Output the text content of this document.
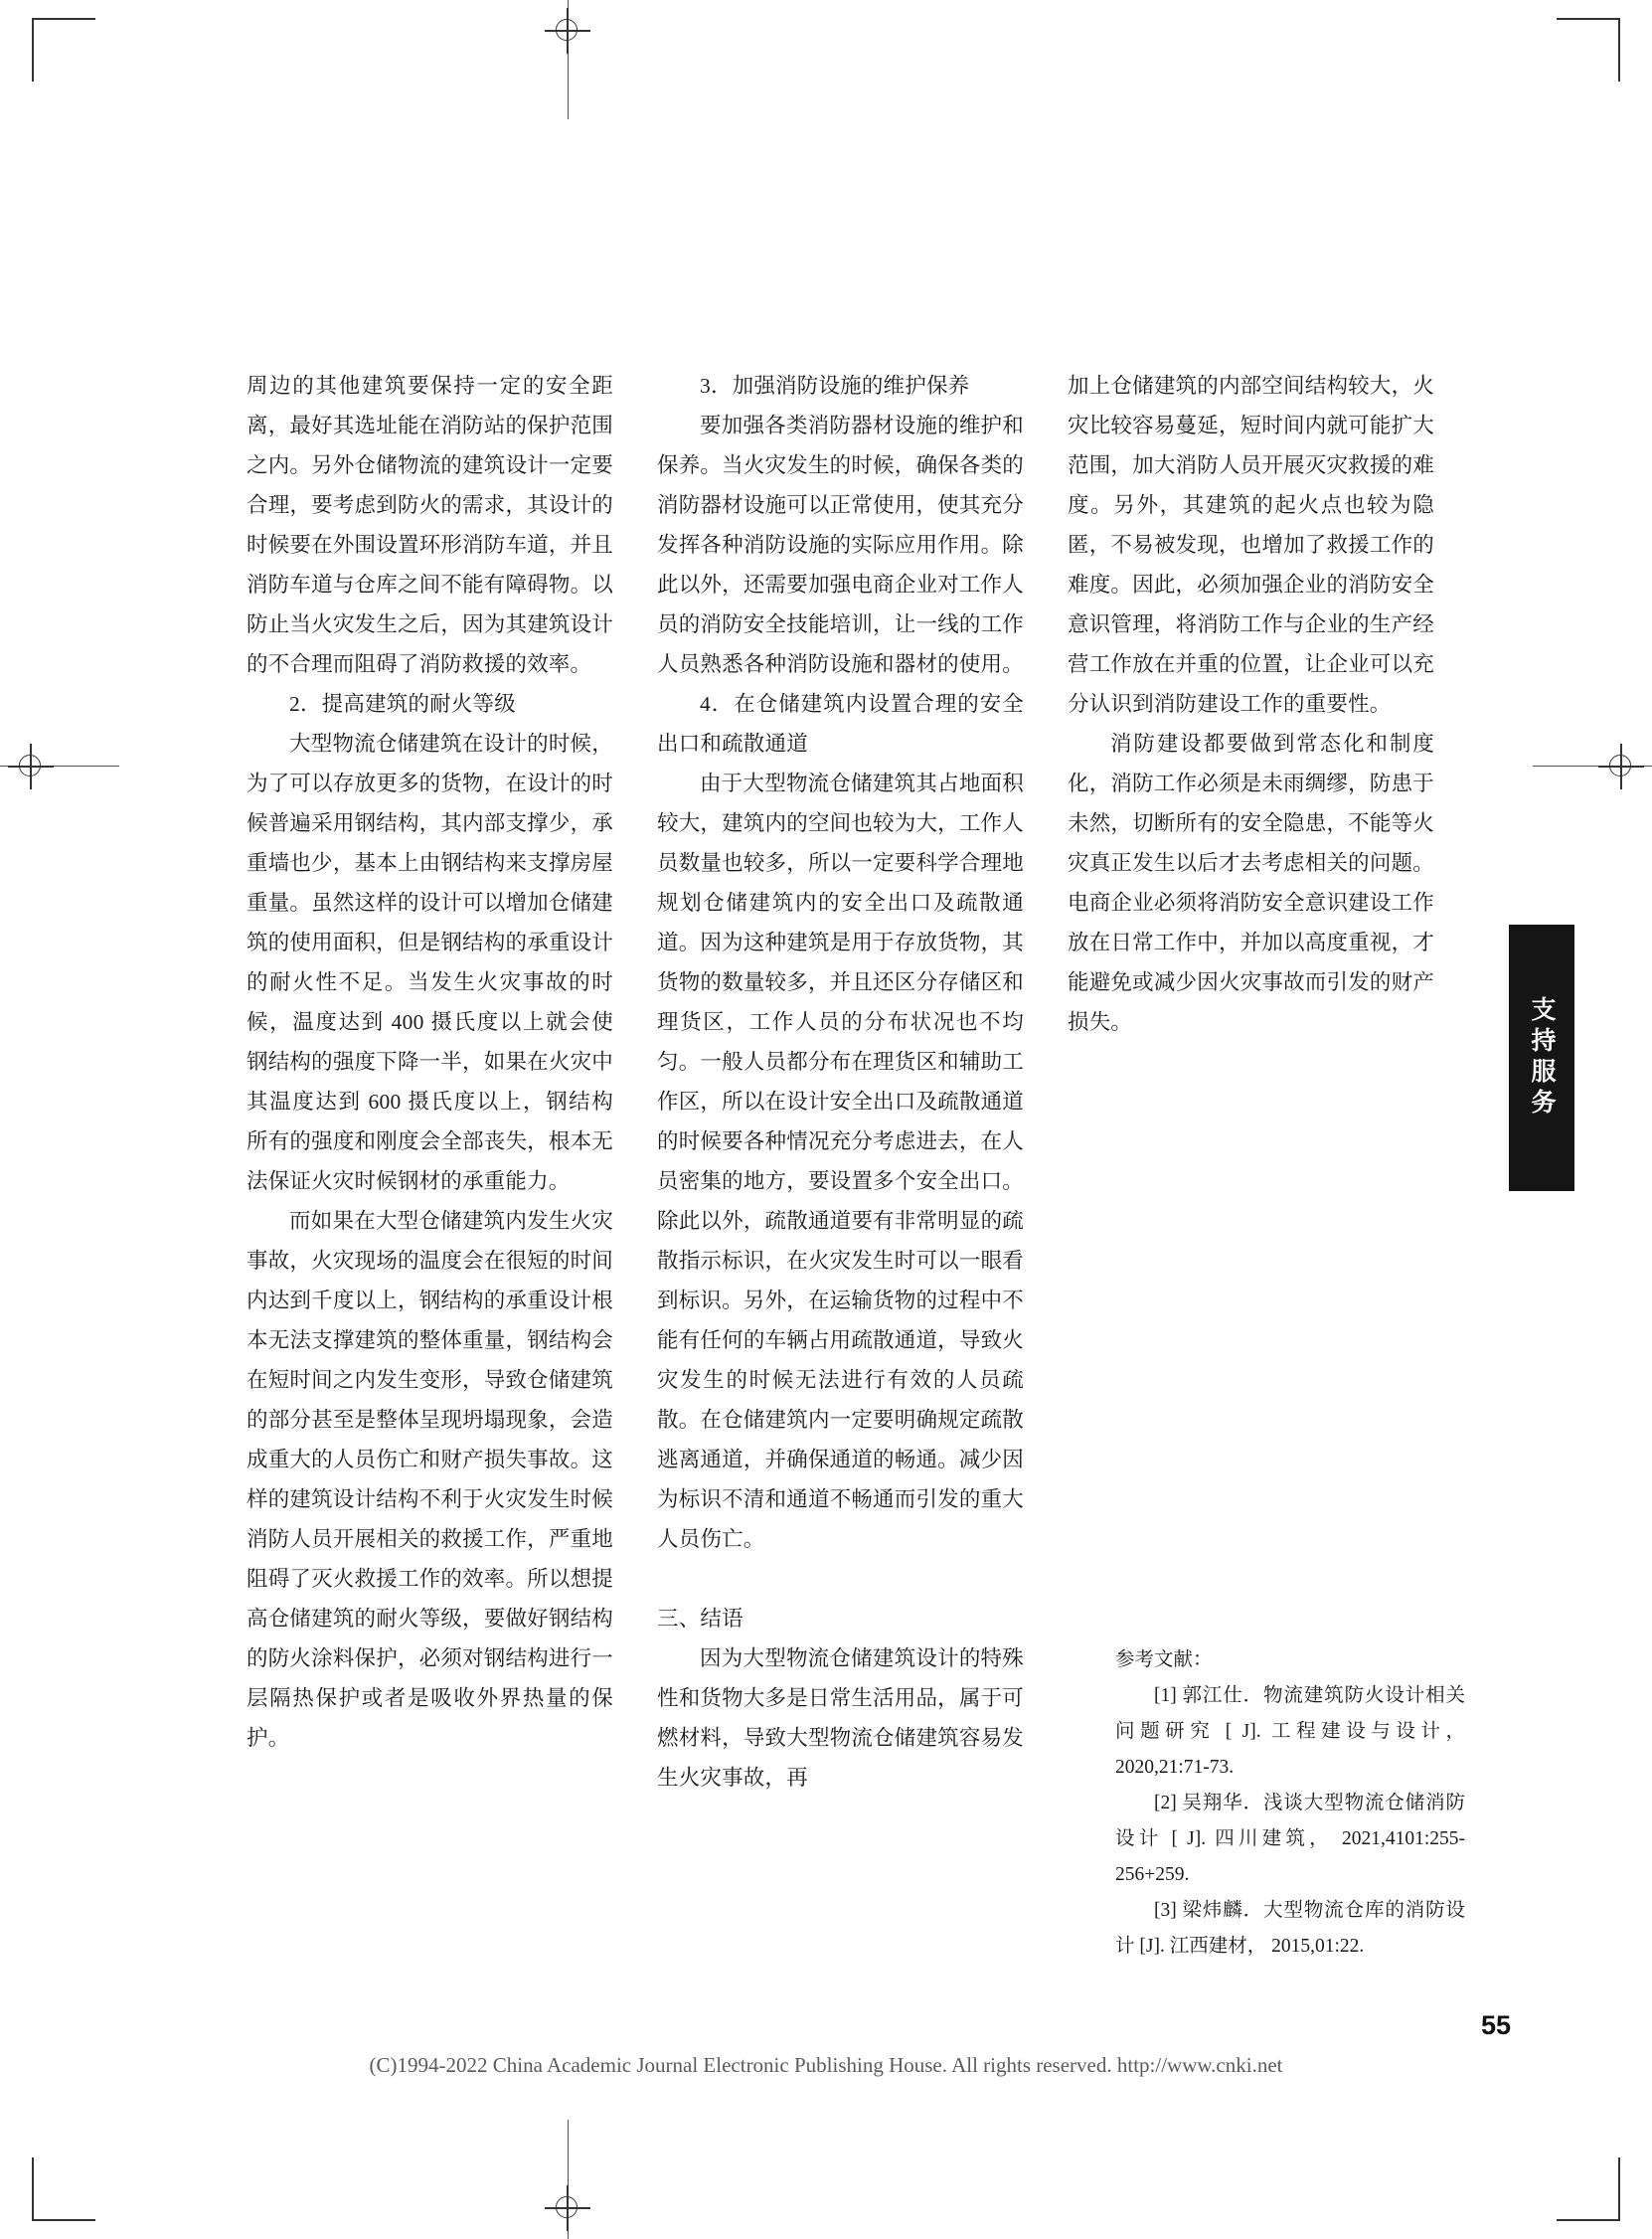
周边的其他建筑要保持一定的安全距离，最好其选址能在消防站的保护范围之内。另外仓储物流的建筑设计一定要合理，要考虑到防火的需求，其设计的时候要在外围设置环形消防车道，并且消防车道与仓库之间不能有障碍物。以防止当火灾发生之后，因为其建筑设计的不合理而阻碍了消防救援的效率。

2．提高建筑的耐火等级

大型物流仓储建筑在设计的时候，为了可以存放更多的货物，在设计的时候普遍采用钢结构，其内部支撑少，承重墙也少，基本上由钢结构来支撑房屋重量。虽然这样的设计可以增加仓储建筑的使用面积，但是钢结构的承重设计的耐火性不足。当发生火灾事故的时候，温度达到 400 摄氏度以上就会使钢结构的强度下降一半，如果在火灾中其温度达到 600 摄氏度以上，钢结构所有的强度和刚度会全部丧失，根本无法保证火灾时候钢材的承重能力。

而如果在大型仓储建筑内发生火灾事故，火灾现场的温度会在很短的时间内达到千度以上，钢结构的承重设计根本无法支撑建筑的整体重量，钢结构会在短时间之内发生变形，导致仓储建筑的部分甚至是整体呈现坍塌现象，会造成重大的人员伤亡和财产损失事故。这样的建筑设计结构不利于火灾发生时候消防人员开展相关的救援工作，严重地阻碍了灭火救援工作的效率。所以想提高仓储建筑的耐火等级，要做好钢结构的防火涂料保护，必须对钢结构进行一层隔热保护或者是吸收外界热量的保护。

3．加强消防设施的维护保养

要加强各类消防器材设施的维护和保养。当火灾发生的时候，确保各类的消防器材设施可以正常使用，使其充分发挥各种消防设施的实际应用作用。除此以外，还需要加强电商企业对工作人员的消防安全技能培训，让一线的工作人员熟悉各种消防设施和器材的使用。

4．在仓储建筑内设置合理的安全出口和疏散通道

由于大型物流仓储建筑其占地面积较大，建筑内的空间也较为大，工作人员数量也较多，所以一定要科学合理地规划仓储建筑内的安全出口及疏散通道。因为这种建筑是用于存放货物，其货物的数量较多，并且还区分存储区和理货区，工作人员的分布状况也不均匀。一般人员都分布在理货区和辅助工作区，所以在设计安全出口及疏散通道的时候要各种情况充分考虑进去，在人员密集的地方，要设置多个安全出口。除此以外，疏散通道要有非常明显的疏散指示标识，在火灾发生时可以一眼看到标识。另外，在运输货物的过程中不能有任何的车辆占用疏散通道，导致火灾发生的时候无法进行有效的人员疏散。在仓储建筑内一定要明确规定疏散逃离通道，并确保通道的畅通。减少因为标识不清和通道不畅通而引发的重大人员伤亡。

三、结语

因为大型物流仓储建筑设计的特殊性和货物大多是日常生活用品，属于可燃材料，导致大型物流仓储建筑容易发生火灾事故，再

加上仓储建筑的内部空间结构较大，火灾比较容易蔓延，短时间内就可能扩大范围，加大消防人员开展灭灾救援的难度。另外，其建筑的起火点也较为隐匿，不易被发现，也增加了救援工作的难度。因此，必须加强企业的消防安全意识管理，将消防工作与企业的生产经营工作放在并重的位置，让企业可以充分认识到消防建设工作的重要性。

消防建设都要做到常态化和制度化，消防工作必须是未雨绸缪，防患于未然，切断所有的安全隐患，不能等火灾真正发生以后才去考虑相关的问题。电商企业必须将消防安全意识建设工作放在日常工作中，并加以高度重视，才能避免或减少因火灾事故而引发的财产损失。	支持服务

参考文献：

[1] 郭江仕．物流建筑防火设计相关问题研究 [ J]. 工程建设与设计，2020,21:71-73.

[2] 吴翔华．浅谈大型物流仓储消防设计 [ J]. 四川建筑， 2021,4101:255-256+259.

[3] 梁炜麟．大型物流仓库的消防设计 [J]. 江西建材， 2015,01:22.

55
(C)1994-2022 China Academic Journal Electronic Publishing House. All rights reserved. http://www.cnki.net
